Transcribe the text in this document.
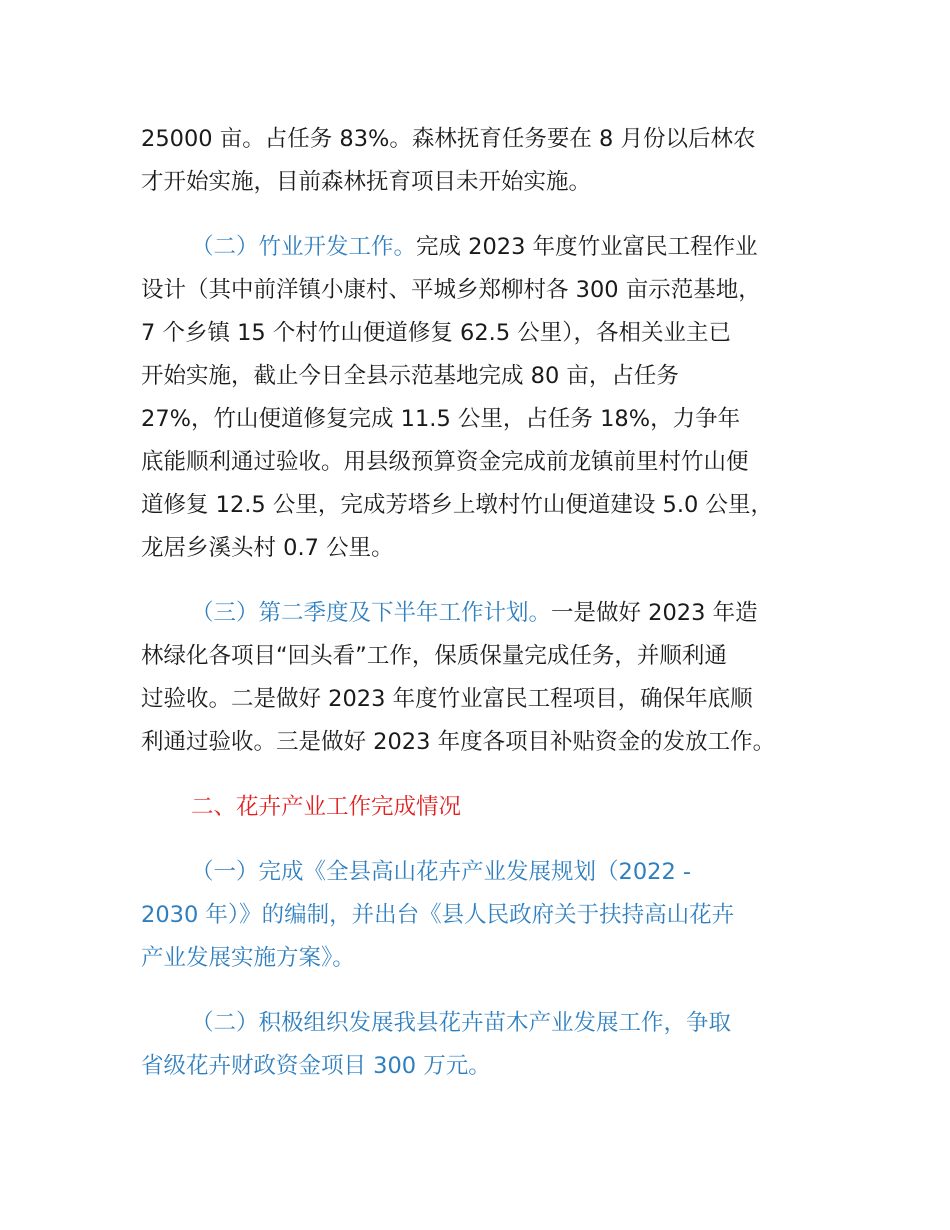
25000 亩。占任务 83%。森林抚育任务要在 8 月份以后林农
才开始实施，目前森林抚育项目未开始实施。
（二）竹业开发工作。完成 2023 年度竹业富民工程作业
设计（其中前洋镇小康村、平城乡郑柳村各 300 亩示范基地，
7 个乡镇 15 个村竹山便道修复 62.5 公里），各相关业主已
开始实施，截止今日全县示范基地完成 80 亩，占任务
27%，竹山便道修复完成 11.5 公里，占任务 18%，力争年
底能顺利通过验收。用县级预算资金完成前龙镇前里村竹山便
道修复 12.5 公里，完成芳塔乡上墩村竹山便道建设 5.0 公里，
龙居乡溪头村 0.7 公里。
（三）第二季度及下半年工作计划。一是做好 2023 年造
林绿化各项目“回头看”工作，保质保量完成任务，并顺利通
过验收。二是做好 2023 年度竹业富民工程项目，确保年底顺
利通过验收。三是做好 2023 年度各项目补贴资金的发放工作。
二、花卉产业工作完成情况
（一）完成《全县高山花卉产业发展规划（2022 -
2030 年）》的编制，并出台《县人民政府关于扶持高山花卉
产业发展实施方案》。
（二）积极组织发展我县花卉苗木产业发展工作，争取
省级花卉财政资金项目 300 万元。
